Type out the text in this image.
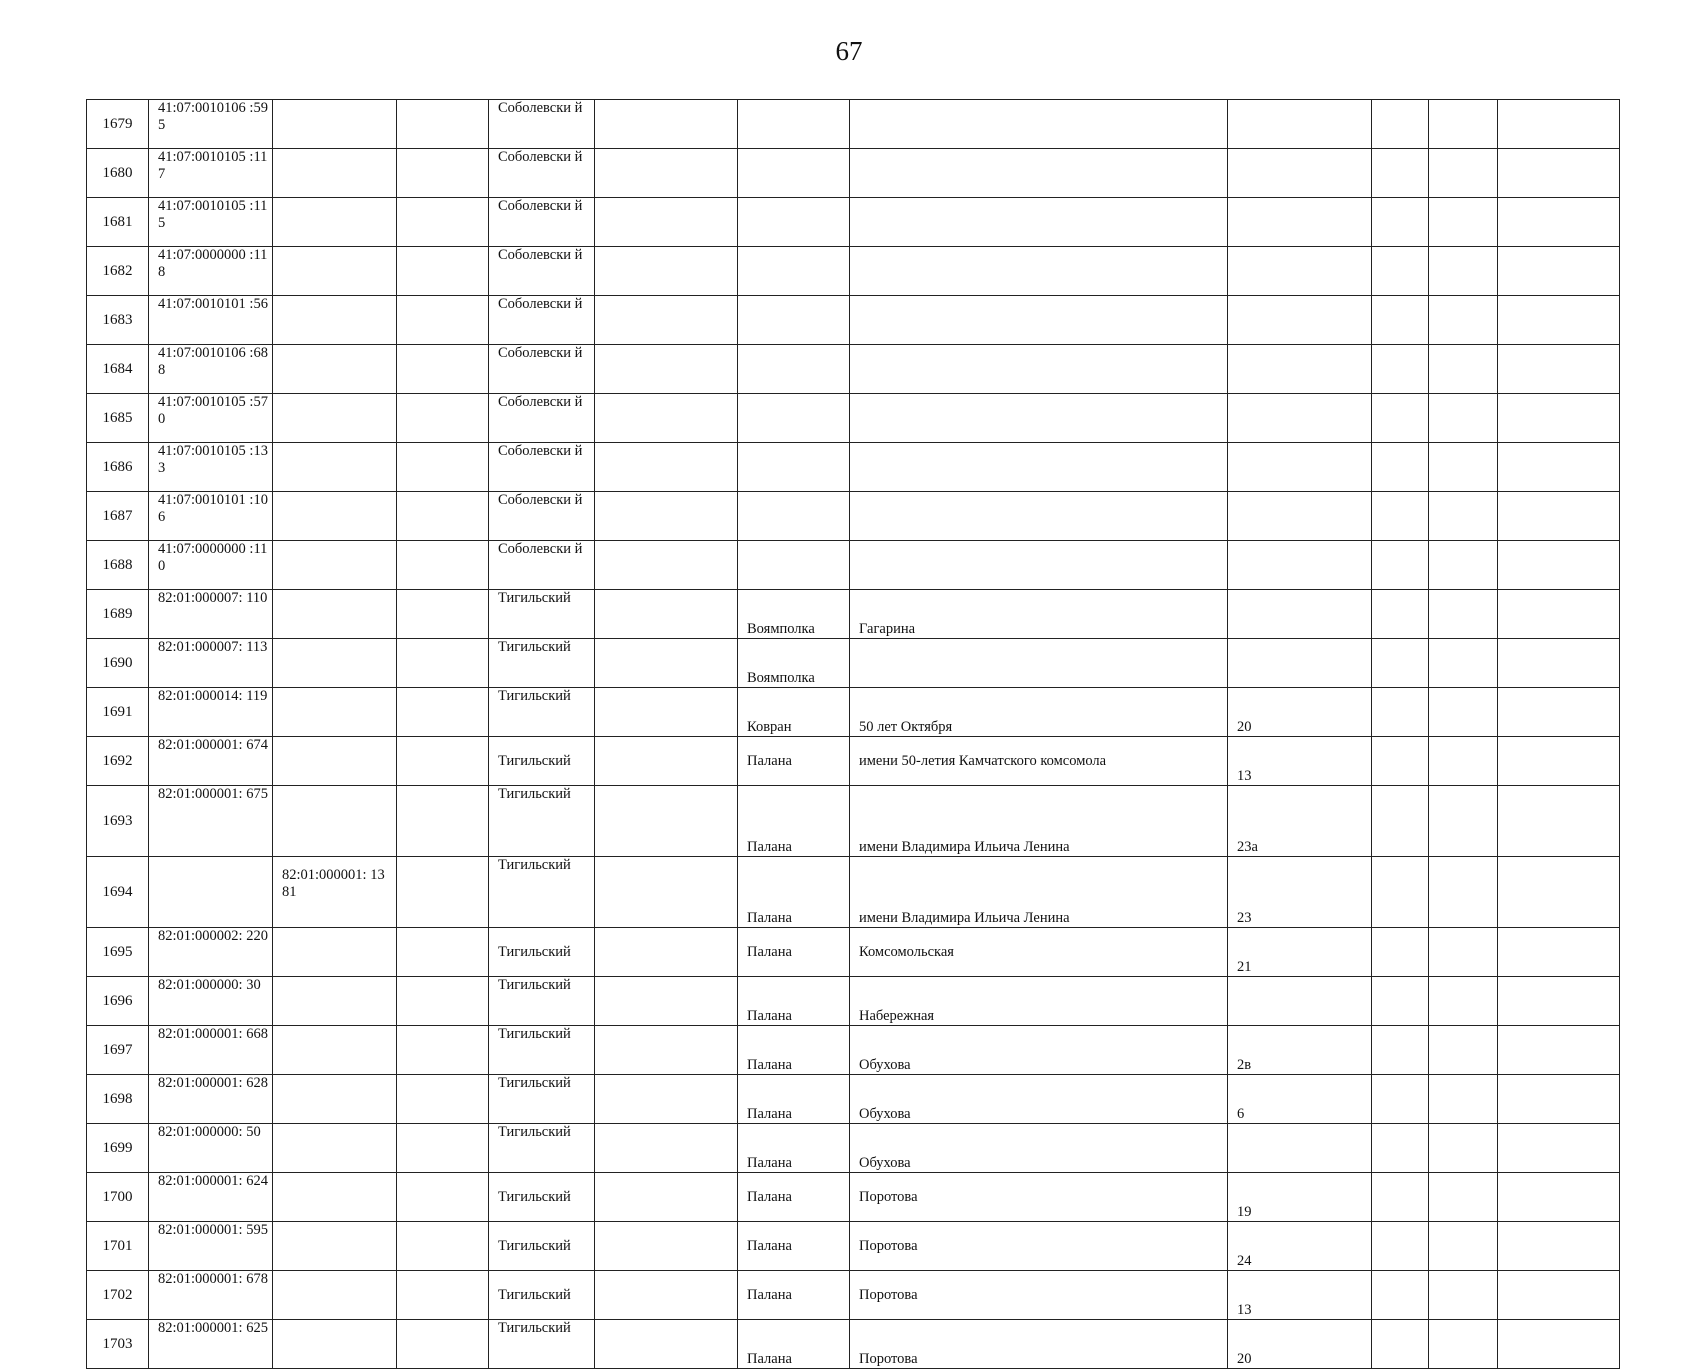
67
1679	41:07:0010106 :595			Соболевски й							
1680	41:07:0010105 :117			Соболевски й							
1681	41:07:0010105 :115			Соболевски й							
1682	41:07:0000000 :118			Соболевски й							
1683	41:07:0010101 :56			Соболевски й							
1684	41:07:0010106 :688			Соболевски й							
1685	41:07:0010105 :570			Соболевски й							
1686	41:07:0010105 :133			Соболевски й							
1687	41:07:0010101 :106			Соболевски й							
1688	41:07:0000000 :110			Соболевски й							
1689	82:01:000007: 110			Тигильский		Воямполка	Гагарина				
1690	82:01:000007: 113			Тигильский		Воямполка					
1691	82:01:000014: 119			Тигильский		Ковран	50 лет Октября	20			
1692	82:01:000001: 674			Тигильский		Палана	имени 50-летия Камчатского комсомола	13			
1693	82:01:000001: 675			Тигильский		Палана	имени Владимира Ильича Ленина	23а			
1694		82:01:000001: 1381		Тигильский		Палана	имени Владимира Ильича Ленина	23			
1695	82:01:000002: 220			Тигильский		Палана	Комсомольская	21			
1696	82:01:000000: 30			Тигильский		Палана	Набережная				
1697	82:01:000001: 668			Тигильский		Палана	Обухова	2в			
1698	82:01:000001: 628			Тигильский		Палана	Обухова	6			
1699	82:01:000000: 50			Тигильский		Палана	Обухова				
1700	82:01:000001: 624			Тигильский		Палана	Поротова	19			
1701	82:01:000001: 595			Тигильский		Палана	Поротова	24			
1702	82:01:000001: 678			Тигильский		Палана	Поротова	13			
1703	82:01:000001: 625			Тигильский		Палана	Поротова	20			
